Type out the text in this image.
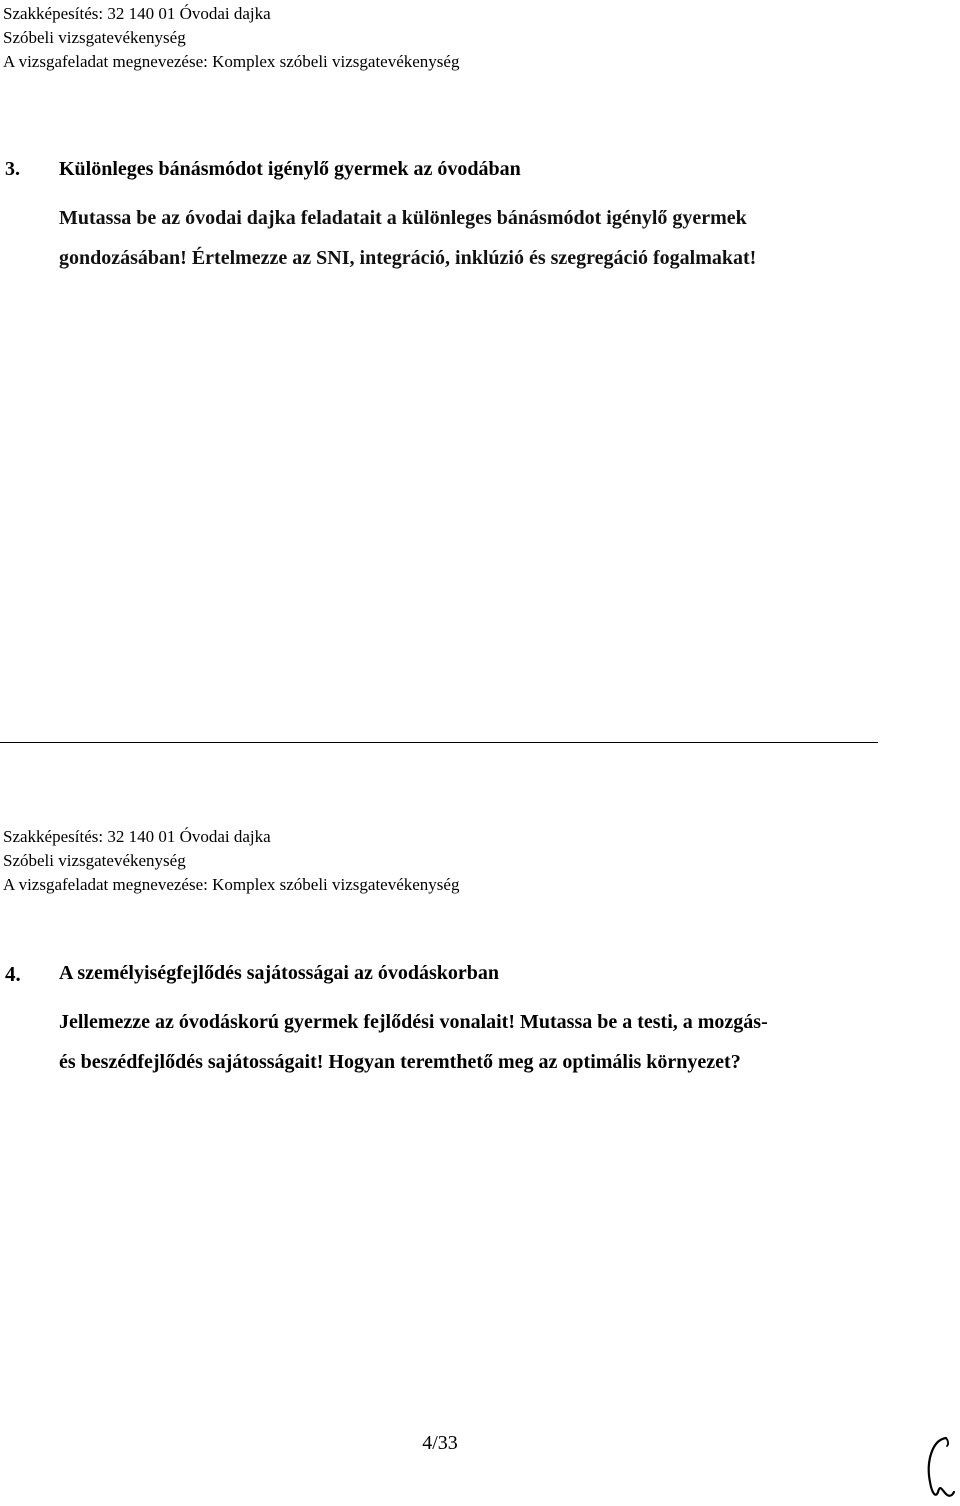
Szakképesítés: 32 140 01 Óvodai dajka
Szóbeli vizsgatevékenység
A vizsgafeladat megnevezése: Komplex szóbeli vizsgatevékenység
3. Különleges bánásmódot igénylő gyermek az óvodában
Mutassa be az óvodai dajka feladatait a különleges bánásmódot igénylő gyermek
gondozásában! Értelmezze az SNI, integráció, inklúzió és szegregáció fogalmakat!
Szakképesítés: 32 140 01 Óvodai dajka
Szóbeli vizsgatevékenység
A vizsgafeladat megnevezése: Komplex szóbeli vizsgatevékenység
4. A személyiségfejlődés sajátosságai az óvodáskorban
Jellemezze az óvodáskorú gyermek fejlődési vonalait! Mutassa be a testi, a mozgás-
és beszédfejlődés sajátosságait! Hogyan teremthető meg az optimális környezet?
4/33
